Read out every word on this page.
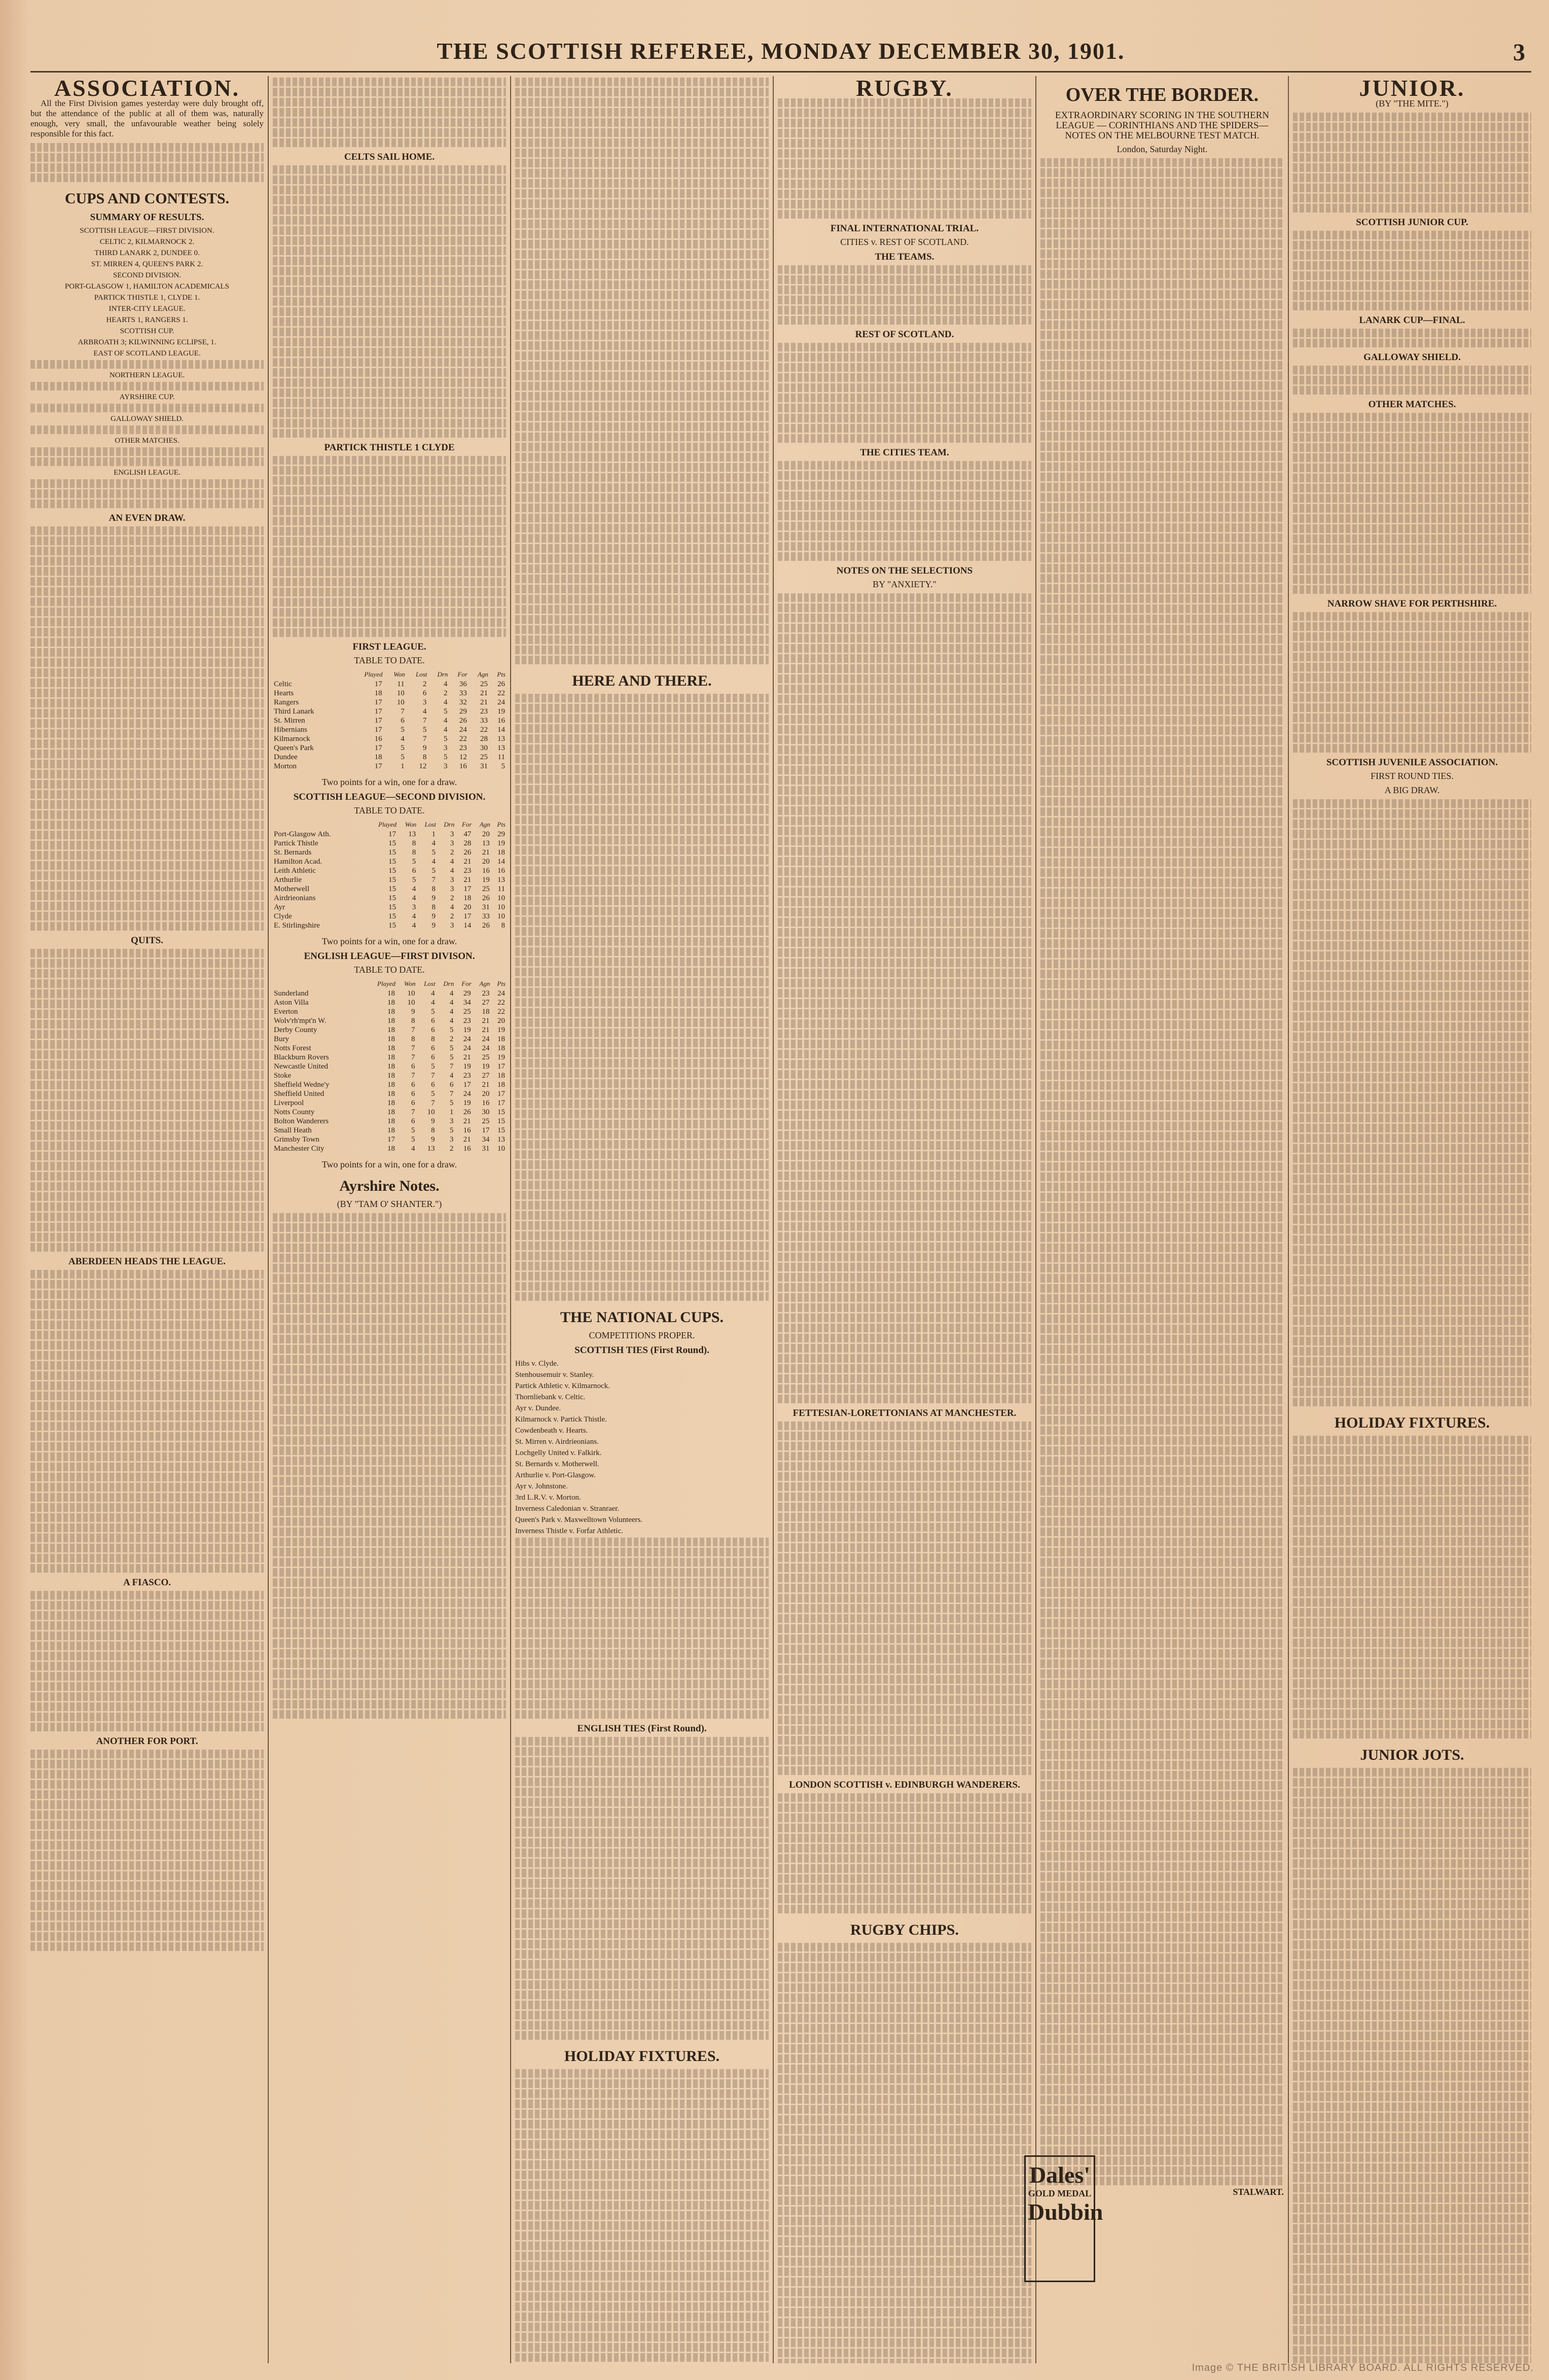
THE SCOTTISH REFEREE, MONDAY DECEMBER 30, 1901.	3
ASSOCIATION.

All the First Division games yesterday were duly brought off, but the attendance of the public at all of them was, naturally enough, very small, the unfavourable weather being solely responsible for this fact.

CUPS AND CONTESTS.
SUMMARY OF RESULTS.

SCOTTISH LEAGUE—FIRST DIVISION.

CELTIC 2, KILMARNOCK 2.

THIRD LANARK 2, DUNDEE 0.

ST. MIRREN 4, QUEEN'S PARK 2.

SECOND DIVISION.

PORT-GLASGOW 1, HAMILTON ACADEMICALS

PARTICK THISTLE 1, CLYDE 1.

INTER-CITY LEAGUE.

HEARTS 1, RANGERS 1.

SCOTTISH CUP.

ARBROATH 3; KILWINNING ECLIPSE, 1.

EAST OF SCOTLAND LEAGUE.

NORTHERN LEAGUE.

AYRSHIRE CUP.

GALLOWAY SHIELD.

OTHER MATCHES.

ENGLISH LEAGUE.

AN EVEN DRAW.
QUITS.
ABERDEEN HEADS THE LEAGUE.
A FIASCO.
ANOTHER FOR PORT.
CELTS SAIL HOME.
PARTICK THISTLE 1 CLYDE
FIRST LEAGUE.
TABLE TO DATE.
	Played	Won	Lost	Drn	For	Agn	Pts
Celtic	17	11	2	4	36	25	26
Hearts	18	10	6	2	33	21	22
Rangers	17	10	3	4	32	21	24
Third Lanark	17	7	4	5	29	23	19
St. Mirren	17	6	7	4	26	33	16
Hibernians	17	5	5	4	24	22	14
Kilmarnock	16	4	7	5	22	28	13
Queen's Park	17	5	9	3	23	30	13
Dundee	18	5	8	5	12	25	11
Morton	17	1	12	3	16	31	5
Two points for a win, one for a draw.
SCOTTISH LEAGUE—SECOND DIVISION.
TABLE TO DATE.
	Played	Won	Lost	Drn	For	Agn	Pts
Port-Glasgow Ath.	17	13	1	3	47	20	29
Partick Thistle	15	8	4	3	28	13	19
St. Bernards	15	8	5	2	26	21	18
Hamilton Acad.	15	5	4	4	21	20	14
Leith Athletic	15	6	5	4	23	16	16
Arthurlie	15	5	7	3	21	19	13
Motherwell	15	4	8	3	17	25	11
Airdrieonians	15	4	9	2	18	26	10
Ayr	15	3	8	4	20	31	10
Clyde	15	4	9	2	17	33	10
E. Stirlingshire	15	4	9	3	14	26	8
Two points for a win, one for a draw.
ENGLISH LEAGUE—FIRST DIVISON.
TABLE TO DATE.
	Played	Won	Lost	Drn	For	Agn	Pts
Sunderland	18	10	4	4	29	23	24
Aston Villa	18	10	4	4	34	27	22
Everton	18	9	5	4	25	18	22
Wolv'rh'mpt'n W.	18	8	6	4	23	21	20
Derby County	18	7	6	5	19	21	19
Bury	18	8	8	2	24	24	18
Notts Forest	18	7	6	5	24	24	18
Blackburn Rovers	18	7	6	5	21	25	19
Newcastle United	18	6	5	7	19	19	17
Stoke	18	7	7	4	23	27	18
Sheffield Wedne'y	18	6	6	6	17	21	18
Sheffield United	18	6	5	7	24	20	17
Liverpool	18	6	7	5	19	16	17
Notts County	18	7	10	1	26	30	15
Bolton Wanderers	18	6	9	3	21	25	15
Small Heath	18	5	8	5	16	17	15
Grimsby Town	17	5	9	3	21	34	13
Manchester City	18	4	13	2	16	31	10
Two points for a win, one for a draw.
Ayrshire Notes.
(BY "TAM O' SHANTER.")
HERE AND THERE.
THE NATIONAL CUPS.
COMPETITIONS PROPER.
SCOTTISH TIES (First Round).

Hibs v. Clyde.

Stenhousemuir v. Stanley.

Partick Athletic v. Kilmarnock.

Thornliebank v. Celtic.

Ayr v. Dundee.

Kilmarnock v. Partick Thistle.

Cowdenbeath v. Hearts.

St. Mirren v. Airdrieonians.

Lochgelly United v. Falkirk.

St. Bernards v. Motherwell.

Arthurlie v. Port-Glasgow.

Ayr v. Johnstone.

3rd L.R.V. v. Morton.

Inverness Caledonian v. Stranraer.

Queen's Park v. Maxwelltown Volunteers.

Inverness Thistle v. Forfar Athletic.

ENGLISH TIES (First Round).
HOLIDAY FIXTURES.
RUGBY.
FINAL INTERNATIONAL TRIAL.
CITIES v. REST OF SCOTLAND.
THE TEAMS.
REST OF SCOTLAND.
THE CITIES TEAM.
NOTES ON THE SELECTIONS
BY "ANXIETY."
FETTESIAN-LORETTONIANS AT MANCHESTER.
LONDON SCOTTISH v. EDINBURGH WANDERERS.
RUGBY CHIPS.
OVER THE BORDER.
EXTRAORDINARY SCORING IN THE SOUTHERN LEAGUE — CORINTHIANS AND THE SPIDERS—NOTES ON THE MELBOURNE TEST MATCH.
London, Saturday Night.
STALWART.
JUNIOR.
(BY "THE MITE.")
SCOTTISH JUNIOR CUP.
LANARK CUP—FINAL.
GALLOWAY SHIELD.
OTHER MATCHES.
NARROW SHAVE FOR PERTHSHIRE.
SCOTTISH JUVENILE ASSOCIATION.
FIRST ROUND TIES.
A BIG DRAW.
HOLIDAY FIXTURES.
JUNIOR JOTS.
Dales'
GOLD MEDAL
Dubbin
Image © THE BRITISH LIBRARY BOARD. ALL RIGHTS RESERVED.
